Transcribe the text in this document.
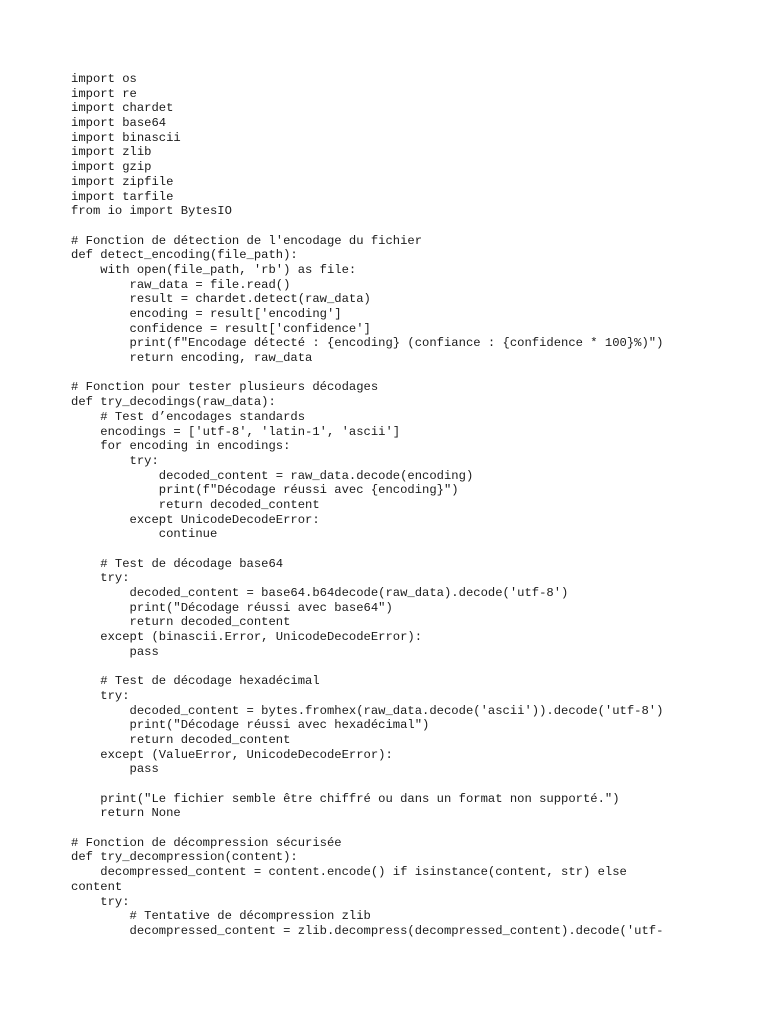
import os
import re
import chardet
import base64
import binascii
import zlib
import gzip
import zipfile
import tarfile
from io import BytesIO
# Fonction de détection de l'encodage du fichier
def detect_encoding(file_path):
with open(file_path, 'rb') as file:
raw_data = file.read()
result = chardet.detect(raw_data)
encoding = result['encoding']
confidence = result['confidence']
print(f"Encodage détecté : {encoding} (confiance : {confidence * 100}%)")
return encoding, raw_data
# Fonction pour tester plusieurs décodages
def try_decodings(raw_data):
# Test d’encodages standards
encodings = ['utf-8', 'latin-1', 'ascii']
for encoding in encodings:
try:
decoded_content = raw_data.decode(encoding)
print(f"Décodage réussi avec {encoding}")
return decoded_content
except UnicodeDecodeError:
continue
# Test de décodage base64
try:
decoded_content = base64.b64decode(raw_data).decode('utf-8')
print("Décodage réussi avec base64")
return decoded_content
except (binascii.Error, UnicodeDecodeError):
pass
# Test de décodage hexadécimal
try:
decoded_content = bytes.fromhex(raw_data.decode('ascii')).decode('utf-8')
print("Décodage réussi avec hexadécimal")
return decoded_content
except (ValueError, UnicodeDecodeError):
pass
print("Le fichier semble être chiffré ou dans un format non supporté.")
return None
# Fonction de décompression sécurisée
def try_decompression(content):
decompressed_content = content.encode() if isinstance(content, str) else
content
try:
# Tentative de décompression zlib
decompressed_content = zlib.decompress(decompressed_content).decode('utf-
